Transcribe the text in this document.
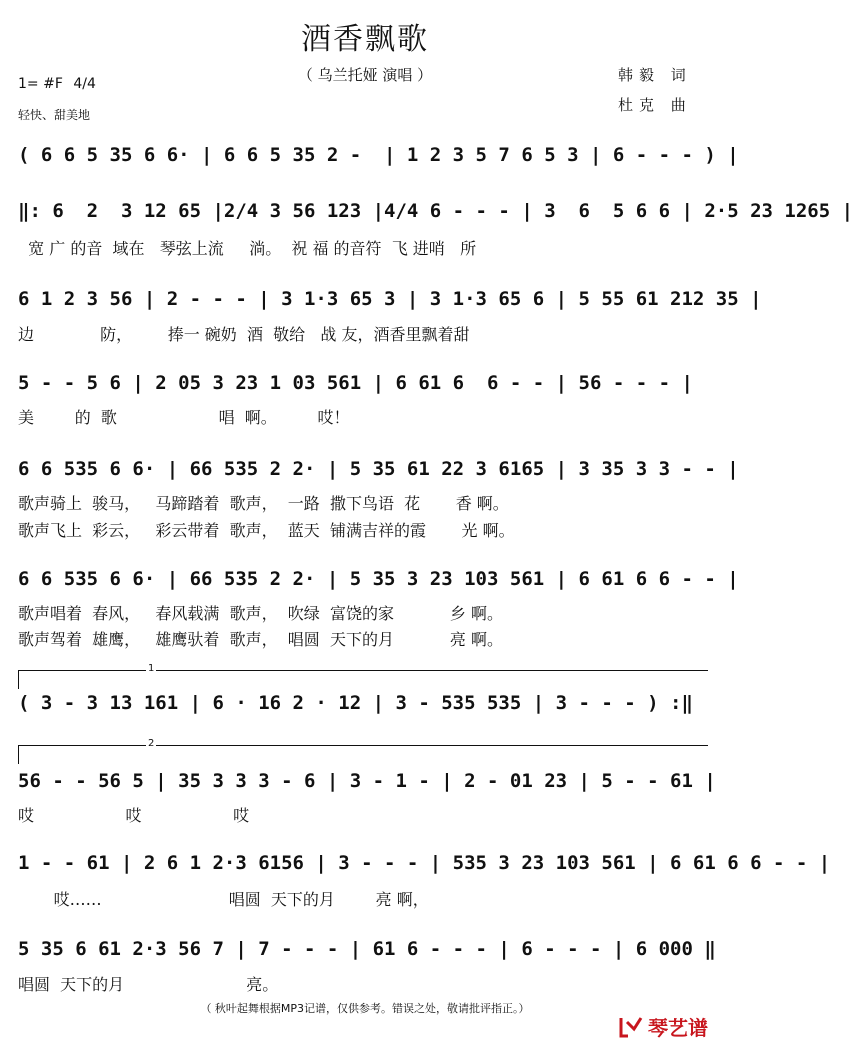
酒香飘歌
（ 乌兰托娅 演唱 ）
1= #F 4/4
轻快、甜美地
韩毅 词
杜克 曲
( 6 6 5 35 6 6· | 6 6 5 35 2 -  | 1 2 3 5 7 6 5 3 | 6 - - - ) |
‖: 6  2  3 12 65 |2/4 3 56 123 |4/4 6 - - - | 3  6  5 6 6 | 2·5 23 1265 |
宽 广 的音  域在   琴弦上流     淌。  祝 福 的音符  飞 进哨   所
6 1 2 3 56 | 2 - - - | 3 1·3 65 3 | 3 1·3 65 6 | 5 55 61 212 35 |
边             防，       捧一 碗奶  酒  敬给   战 友，酒香里飘着甜
5 - - 5 6 | 2 05 3 23 1 03 561 | 6 61 6  6 - - | 56 - - - |
美        的  歌                    唱  啊。        哎！
6 6 535 6 6· | 66 535 2 2· | 5 35 61 22 3 6165 | 3 35 3 3 - - |
歌声骑上  骏马，   马蹄踏着  歌声，  一路  撒下鸟语  花       香 啊。
歌声飞上  彩云，   彩云带着  歌声，  蓝天  铺满吉祥的霞       光 啊。
6 6 535 6 6· | 66 535 2 2· | 5 35 3 23 103 561 | 6 61 6 6 - - |
歌声唱着  春风，   春风载满  歌声，  吹绿  富饶的家           乡 啊。
歌声驾着  雄鹰，   雄鹰驮着  歌声，  唱圆  天下的月           亮 啊。
1
( 3 - 3 13 161 | 6 · 16 2 · 12 | 3 - 535 535 | 3 - - - ) :‖
2
56 - - 56 5 | 35 3 3 3 - 6 | 3 - 1 - | 2 - 01 23 | 5 - - 61 |
哎                  哎                  哎
1 - - 61 | 2 6 1 2·3 6156 | 3 - - - | 535 3 23 103 561 | 6 61 6 6 - - |
哎……                         唱圆  天下的月        亮 啊，
5 35 6 61 2·3 56 7 | 7 - - - | 61 6 - - - | 6 - - - | 6 000 ‖
唱圆  天下的月                        亮。
（ 秋叶起舞根据MP3记谱，仅供参考。错误之处，敬请批评指正。）
琴艺谱
